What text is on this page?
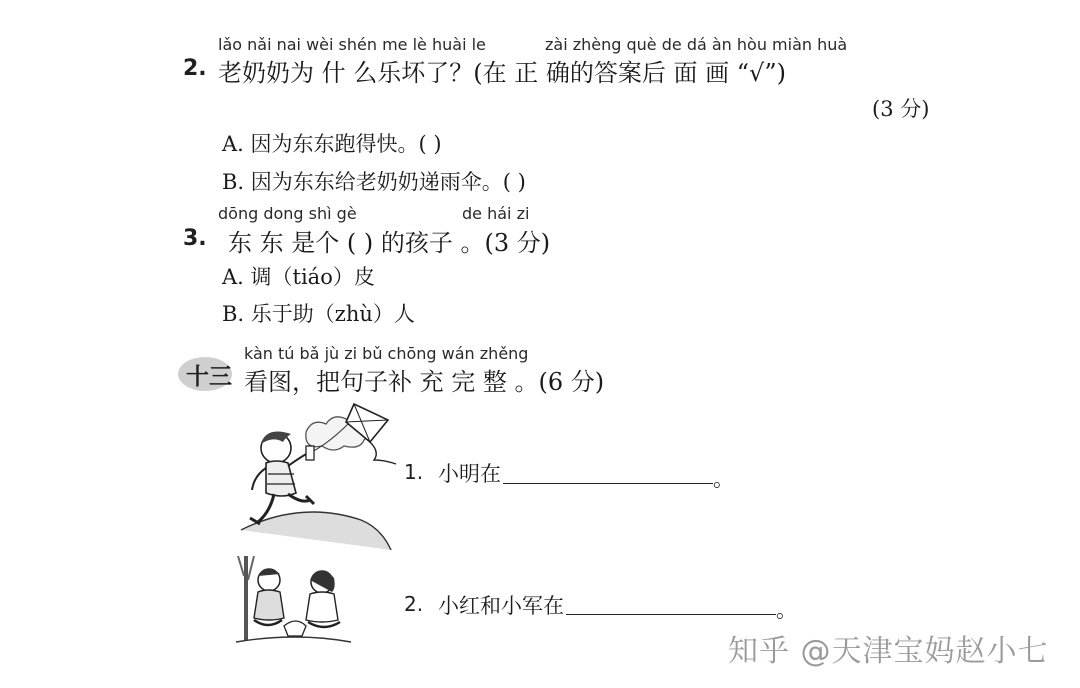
lǎo nǎi nai wèi shén me lè huài le	zài zhèng què de dá àn hòu miàn huà
2. 老奶奶为 什 么乐坏了？(在 正 确的答案后 面 画 “√”)
(3 分)
A. 因为东东跑得快。( )
B. 因为东东给老奶奶递雨伞。( )
dōng dong shì gè	de hái zi
3. 东 东 是个 ( ) 的孩子 。(3 分)
A. 调（tiáo）皮
B. 乐于助（zhù）人
十三
kàn tú bǎ jù zi bǔ chōng wán zhěng
看图，把句子补 充 完 整 。(6 分)
1. 小明在	。
2. 小红和小军在	。
知乎 @天津宝妈赵小七
